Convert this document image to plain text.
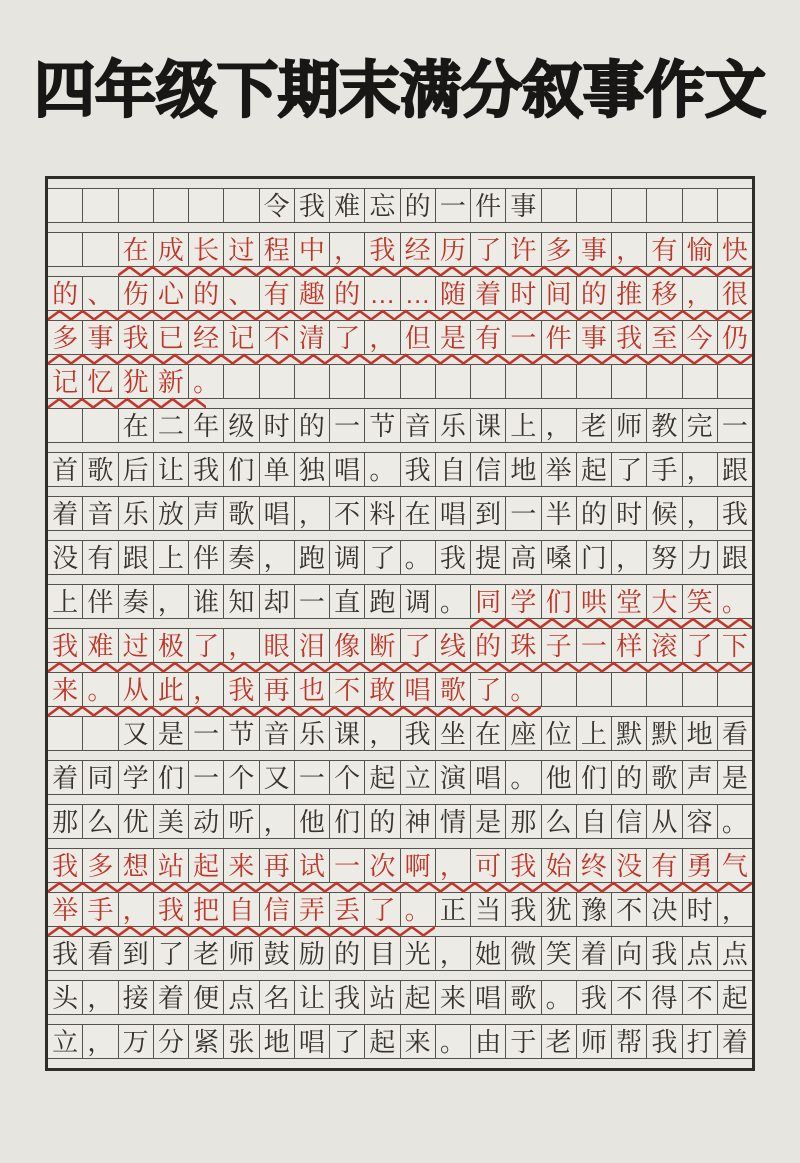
四年级下期末满分叙事作文
令 我 难 忘 的 一 件 事
在 成 长 过 程 中 ， 我 经 历 了 许 多 事 ， 有 愉 快
的 、 伤 心 的 、 有 趣 的 … … 随 着 时 间 的 推 移 ， 很
多 事 我 已 经 记 不 清 了 ， 但 是 有 一 件 事 我 至 今 仍
记 忆 犹 新 。
在 二 年 级 时 的 一 节 音 乐 课 上 ， 老 师 教 完 一
首 歌 后 让 我 们 单 独 唱 。 我 自 信 地 举 起 了 手 ， 跟
着 音 乐 放 声 歌 唱 ， 不 料 在 唱 到 一 半 的 时 候 ， 我
没 有 跟 上 伴 奏 ， 跑 调 了 。 我 提 高 嗓 门 ， 努 力 跟
上 伴 奏 ， 谁 知 却 一 直 跑 调 。 同 学 们 哄 堂 大 笑 。
我 难 过 极 了 ， 眼 泪 像 断 了 线 的 珠 子 一 样 滚 了 下
来 。 从 此 ， 我 再 也 不 敢 唱 歌 了 。
又 是 一 节 音 乐 课 ， 我 坐 在 座 位 上 默 默 地 看
着 同 学 们 一 个 又 一 个 起 立 演 唱 。 他 们 的 歌 声 是
那 么 优 美 动 听 ， 他 们 的 神 情 是 那 么 自 信 从 容 。
我 多 想 站 起 来 再 试 一 次 啊 ， 可 我 始 终 没 有 勇 气
举 手 ， 我 把 自 信 弄 丢 了 。 正 当 我 犹 豫 不 决 时 ，
我 看 到 了 老 师 鼓 励 的 目 光 ， 她 微 笑 着 向 我 点 点
头 ， 接 着 便 点 名 让 我 站 起 来 唱 歌 。 我 不 得 不 起
立 ， 万 分 紧 张 地 唱 了 起 来 。 由 于 老 师 帮 我 打 着
